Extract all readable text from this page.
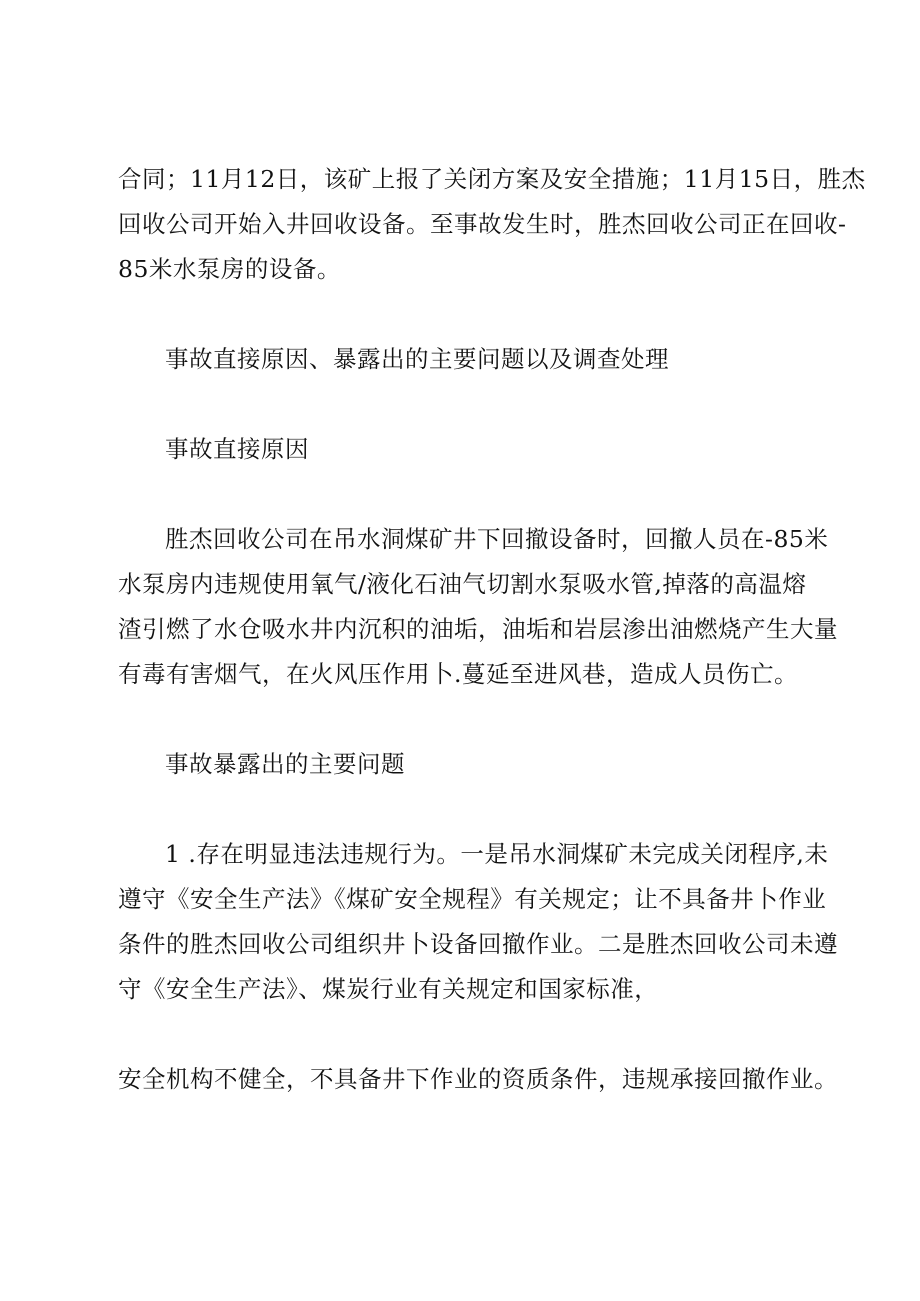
合同；11月12日，该矿上报了关闭方案及安全措施；11月15日，胜杰
回收公司开始入井回收设备。至事故发生时，胜杰回收公司正在回收-
85米水泵房的设备。
事故直接原因、暴露出的主要问题以及调查处理
事故直接原因
胜杰回收公司在吊水洞煤矿井下回撤设备时，回撤人员在-85米
水泵房内违规使用氧气/液化石油气切割水泵吸水管,掉落的高温熔
渣引燃了水仓吸水井内沉积的油垢，油垢和岩层渗出油燃烧产生大量
有毒有害烟气，在火风压作用卜.蔓延至进风巷，造成人员伤亡。
事故暴露出的主要问题
1 .存在明显违法违规行为。一是吊水洞煤矿未完成关闭程序,未
遵守《安全生产法》《煤矿安全规程》有关规定；让不具备井卜作业
条件的胜杰回收公司组织井卜设备回撤作业。二是胜杰回收公司未遵
守《安全生产法》、煤炭行业有关规定和国家标准，
安全机构不健全，不具备井下作业的资质条件，违规承接回撤作业。
